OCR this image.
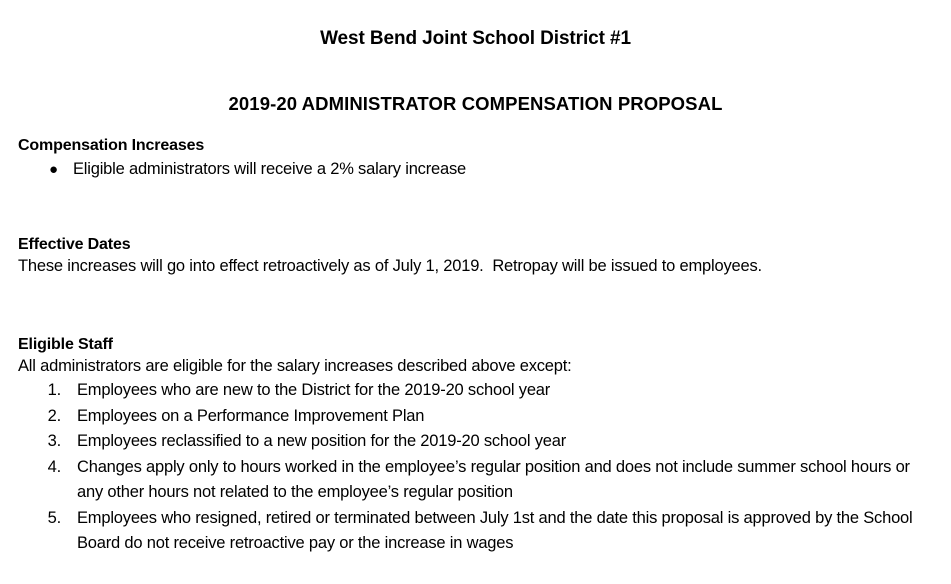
West Bend Joint School District #1
2019-20 ADMINISTRATOR COMPENSATION PROPOSAL
Compensation Increases
● Eligible administrators will receive a 2% salary increase
Effective Dates

These increases will go into effect retroactively as of July 1, 2019.  Retropay will be issued to employees.

Eligible Staff

All administrators are eligible for the salary increases described above except:

1. Employees who are new to the District for the 2019-20 school year
2. Employees on a Performance Improvement Plan
3. Employees reclassified to a new position for the 2019-20 school year
4. Changes apply only to hours worked in the employee’s regular position and does not include summer school hours or any other hours not related to the employee’s regular position
5. Employees who resigned, retired or terminated between July 1st and the date this proposal is approved by the School Board do not receive retroactive pay or the increase in wages
